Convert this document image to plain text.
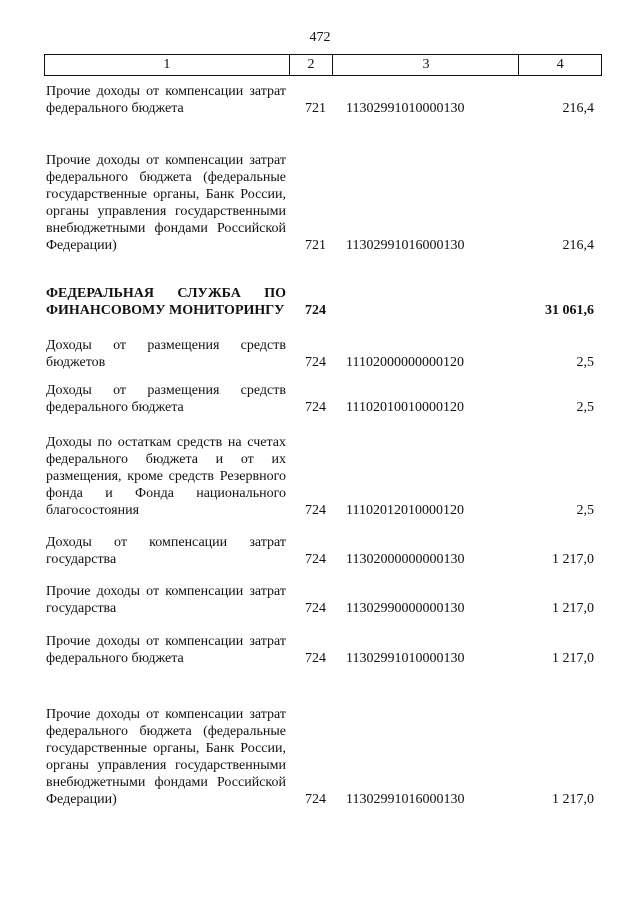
472
1	2	3	4
Прочие доходы от компенсации затрат федерального бюджета	721 11302991010000130	216,4
Прочие доходы от компенсации затрат федерального бюджета (федеральные государственные органы, Банк России, органы управления государственными внебюджетными фондами Российской Федерации)	721 11302991016000130	216,4
ФЕДЕРАЛЬНАЯ СЛУЖБА ПО ФИНАНСОВОМУ МОНИТОРИНГУ 724	31 061,6
Доходы от размещения средств бюджетов	724 11102000000000120	2,5
Доходы от размещения средств федерального бюджета	724 11102010010000120	2,5
Доходы по остаткам средств на счетах федерального бюджета и от их размещения, кроме средств Резервного фонда и Фонда национального благосостояния	724 11102012010000120	2,5
Доходы от компенсации затрат государства	724 11302000000000130	1 217,0
Прочие доходы от компенсации затрат государства	724 11302990000000130	1 217,0
Прочие доходы от компенсации затрат федерального бюджета	724 11302991010000130	1 217,0
Прочие доходы от компенсации затрат федерального бюджета (федеральные государственные органы, Банк России, органы управления государственными внебюджетными фондами Российской Федерации)	724 11302991016000130	1 217,0
